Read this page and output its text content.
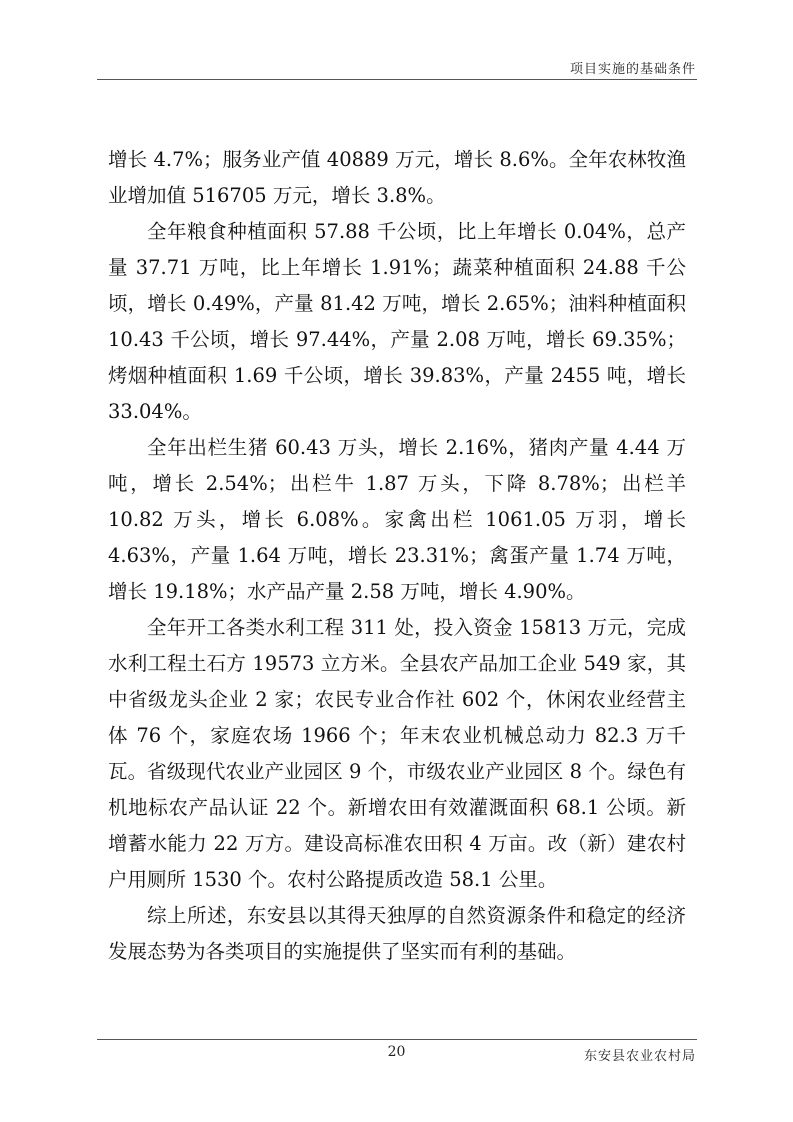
项目实施的基础条件

增长 4.7%；服务业产值 40889 万元，增长 8.6%。全年农林牧渔业增加值 516705 万元，增长 3.8%。

全年粮食种植面积 57.88 千公顷，比上年增长 0.04%，总产量 37.71 万吨，比上年增长 1.91%；蔬菜种植面积 24.88 千公顷，增长 0.49%，产量 81.42 万吨，增长 2.65%；油料种植面积 10.43 千公顷，增长 97.44%，产量 2.08 万吨，增长 69.35%；烤烟种植面积 1.69 千公顷，增长 39.83%，产量 2455 吨，增长 33.04%。

全年出栏生猪 60.43 万头，增长 2.16%，猪肉产量 4.44 万吨，增长 2.54%；出栏牛 1.87 万头，下降 8.78%；出栏羊 10.82 万头，增长 6.08%。家禽出栏 1061.05 万羽，增长 4.63%，产量 1.64 万吨，增长 23.31%；禽蛋产量 1.74 万吨，增长 19.18%；水产品产量 2.58 万吨，增长 4.90%。

全年开工各类水利工程 311 处，投入资金 15813 万元，完成水利工程土石方 19573 立方米。全县农产品加工企业 549 家，其中省级龙头企业 2 家；农民专业合作社 602 个，休闲农业经营主体 76 个，家庭农场 1966 个；年末农业机械总动力 82.3 万千瓦。省级现代农业产业园区 9 个，市级农业产业园区 8 个。绿色有机地标农产品认证 22 个。新增农田有效灌溉面积 68.1 公顷。新增蓄水能力 22 万方。建设高标准农田积 4 万亩。改（新）建农村户用厕所 1530 个。农村公路提质改造 58.1 公里。

综上所述，东安县以其得天独厚的自然资源条件和稳定的经济发展态势为各类项目的实施提供了坚实而有利的基础。

20	东安县农业农村局
